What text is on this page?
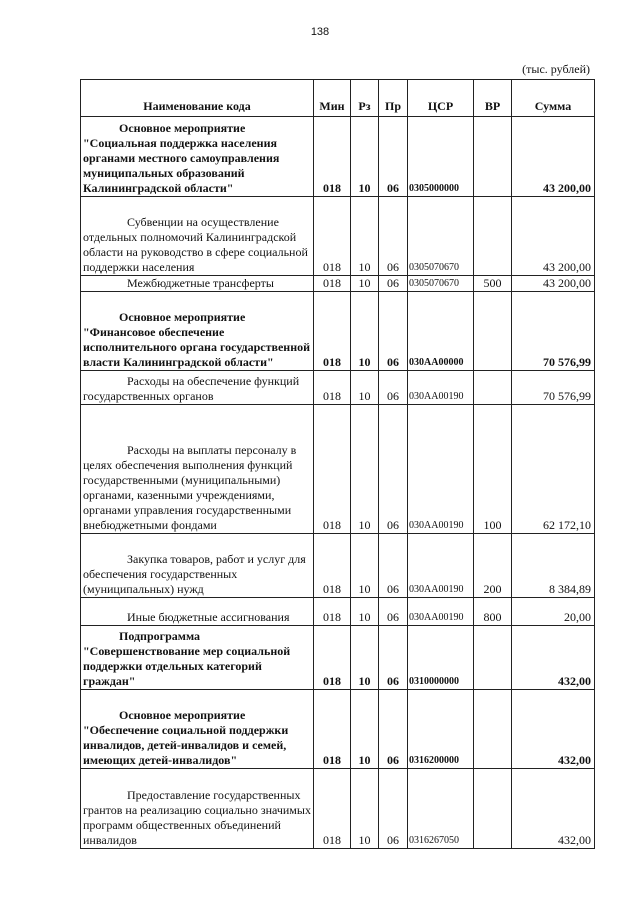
138
(тыс. рублей)
Наименование кода	Мин	Рз	Пр	ЦСР	ВР	Сумма

Основное мероприятие
"Социальная поддержка населения органами местного самоуправления муниципальных образований Калининградской области"	018	10	06	0305000000		43 200,00
Субвенции на осуществление отдельных полномочий Калининградской области на руководство в сфере социальной поддержки населения	018	10	06	0305070670		43 200,00
Межбюджетные трансферты	018	10	06	0305070670	500	43 200,00

Основное мероприятие
"Финансовое обеспечение исполнительного органа государственной власти Калининградской области"	018	10	06	030АА00000		70 576,99
Расходы на обеспечение функций государственных органов	018	10	06	030АА00190		70 576,99
Расходы на выплаты персоналу в целях обеспечения выполнения функций государственными (муниципальными) органами, казенными учреждениями, органами управления государственными внебюджетными фондами	018	10	06	030АА00190	100	62 172,10
Закупка товаров, работ и услуг для обеспечения государственных (муниципальных) нужд	018	10	06	030АА00190	200	8 384,89
Иные бюджетные ассигнования	018	10	06	030АА00190	800	20,00

Подпрограмма
"Совершенствование мер социальной поддержки отдельных категорий граждан"	018	10	06	0310000000		432,00

Основное мероприятие
"Обеспечение социальной поддержки инвалидов, детей-инвалидов и семей, имеющих детей-инвалидов"	018	10	06	0316200000		432,00
Предоставление государственных грантов на реализацию социально значимых программ общественных объединений инвалидов	018	10	06	0316267050		432,00
